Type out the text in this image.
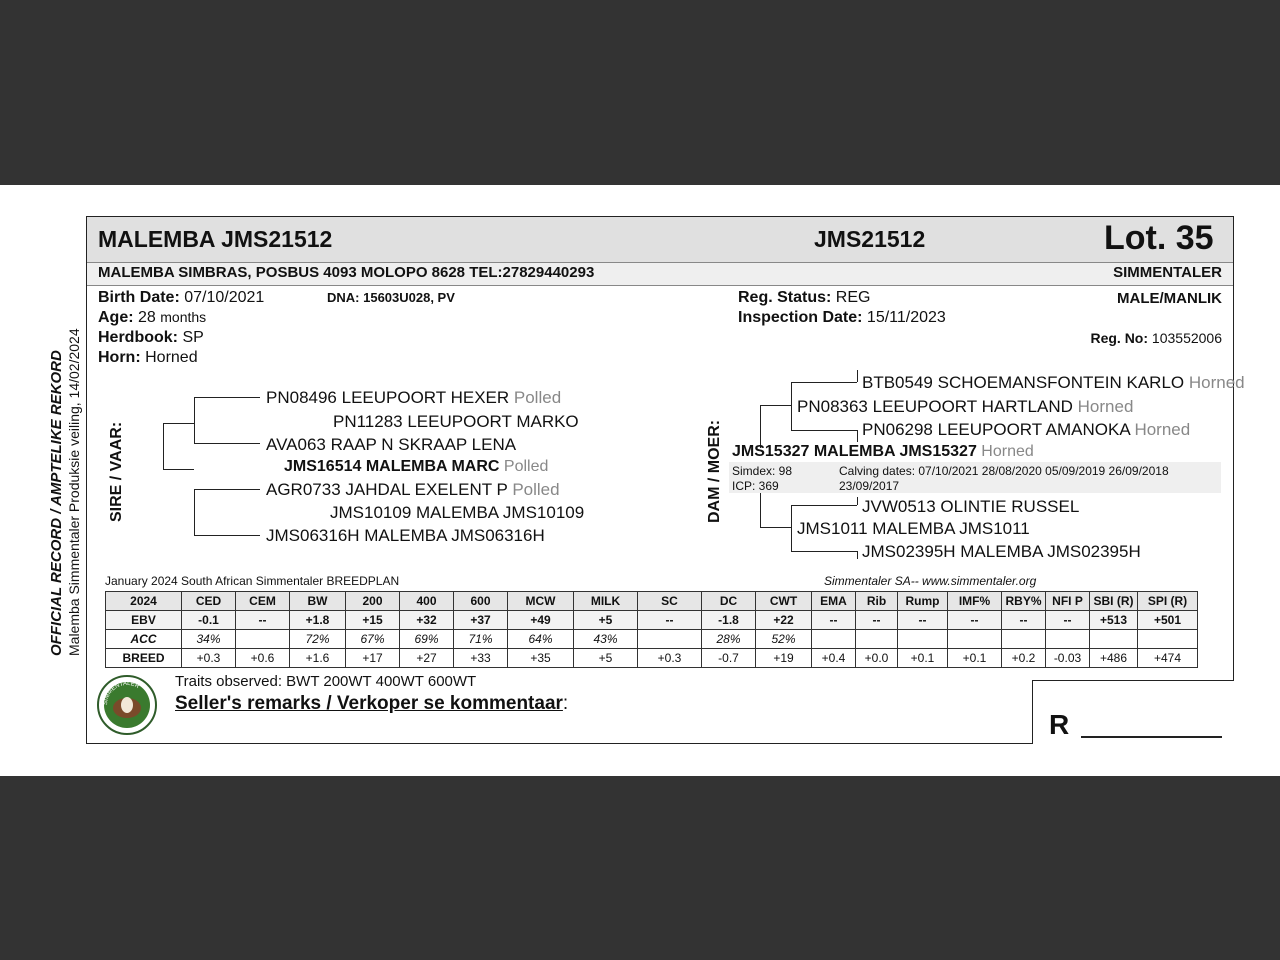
OFFICIAL RECORD / AMPTELIKE REKORD Malemba Simmentaler Produksie veiling, 14/02/2024
MALEMBA JMS21512	JMS21512	Lot. 35
MALEMBA SIMBRAS, POSBUS 4093 MOLOPO 8628 TEL:27829440293	SIMMENTALER
Birth Date: 07/10/2021	DNA: 15603U028, PV
Age: 28 months
Herdbook: SP
Horn: Horned
Reg. Status: REG
Inspection Date: 15/11/2023
MALE/MANLIK
Reg. No: 103552006
SIRE / VAAR:
PN08496 LEEUPOORT HEXER Polled
PN11283 LEEUPOORT MARKO
AVA063 RAAP N SKRAAP LENA
JMS16514 MALEMBA MARC Polled
AGR0733 JAHDAL EXELENT P Polled
JMS10109 MALEMBA JMS10109
JMS06316H MALEMBA JMS06316H
DAM / MOER:
BTB0549 SCHOEMANSFONTEIN KARLO Horned
PN08363 LEEUPOORT HARTLAND Horned
PN06298 LEEUPOORT AMANOKA Horned
JMS15327 MALEMBA JMS15327 Horned
Simdex: 98
ICP: 369
Calving dates: 07/10/2021 28/08/2020 05/09/2019 26/09/2018
23/09/2017
JVW0513 OLINTIE RUSSEL
JMS1011 MALEMBA JMS1011
JMS02395H MALEMBA JMS02395H
January 2024 South African Simmentaler BREEDPLAN	Simmentaler SA-- www.simmentaler.org
2024	CED	CEM	BW	200	400	600	MCW	MILK	SC	DC	CWT	EMA	Rib	Rump	IMF%	RBY%	NFI P	SBI (R)	SPI (R)
EBV	-0.1	--	+1.8	+15	+32	+37	+49	+5	--	-1.8	+22	--	--	--	--	--	--	+513	+501
ACC	34%		72%	67%	69%	71%	64%	43%		28%	52%								
BREED	+0.3	+0.6	+1.6	+17	+27	+33	+35	+5	+0.3	-0.7	+19	+0.4	+0.0	+0.1	+0.1	+0.2	-0.03	+486	+474
SIMMENTALER Traits observed: BWT 200WT 400WT 600WT
Seller's remarks / Verkoper se kommentaar:
R
